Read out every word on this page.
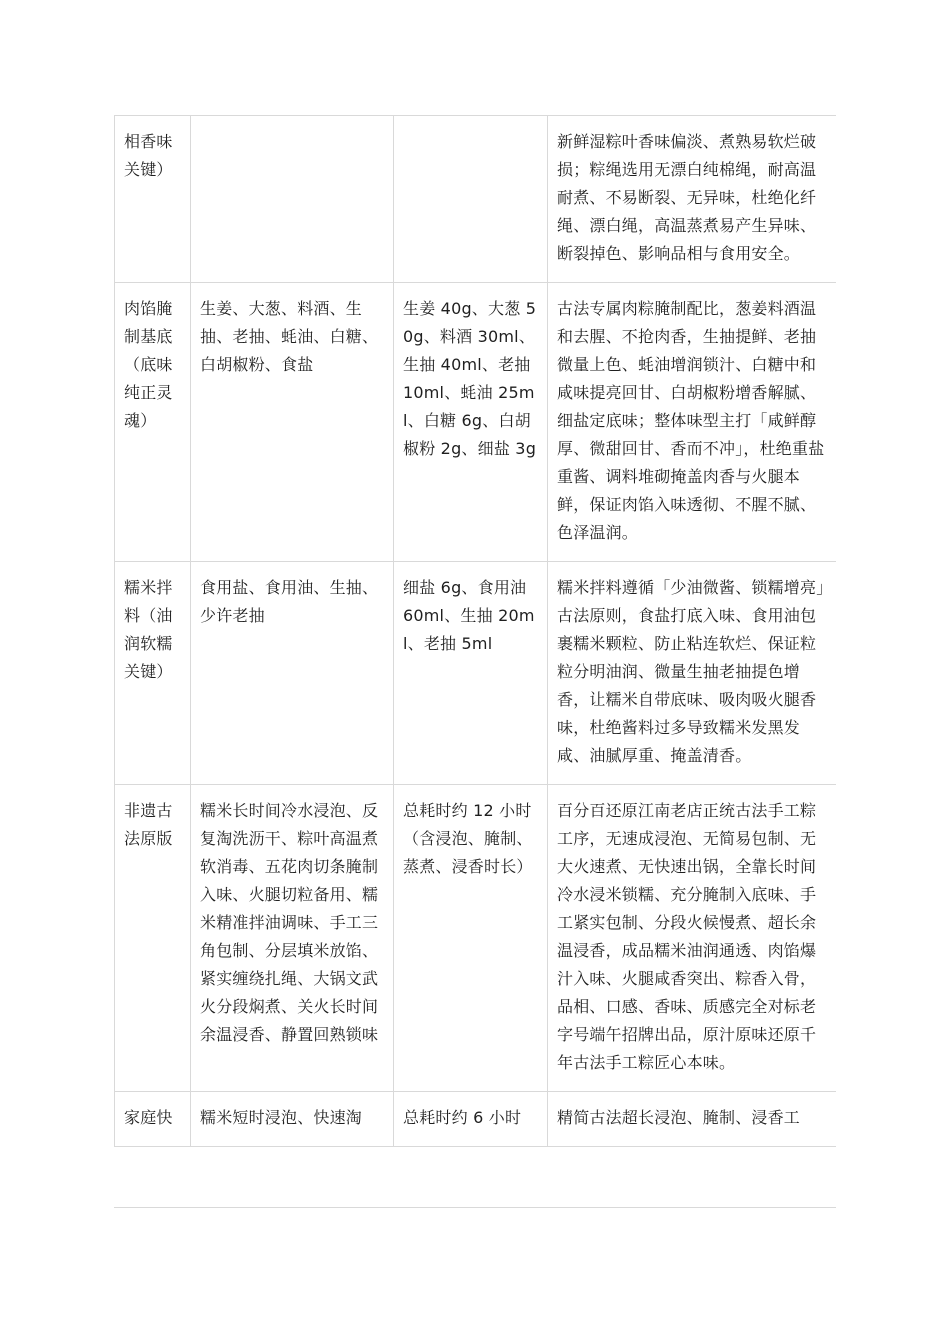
相香味关键）			新鲜湿粽叶香味偏淡、煮熟易软烂破损；粽绳选用无漂白纯棉绳，耐高温耐煮、不易断裂、无异味，杜绝化纤绳、漂白绳，高温蒸煮易产生异味、断裂掉色、影响品相与食用安全。
肉馅腌制基底（底味纯正灵魂）	生姜、大葱、料酒、生抽、老抽、蚝油、白糖、白胡椒粉、食盐	生姜 40g、大葱 50g、料酒 30ml、生抽 40ml、老抽 10ml、蚝油 25ml、白糖 6g、白胡椒粉 2g、细盐 3g	古法专属肉粽腌制配比，葱姜料酒温和去腥、不抢肉香，生抽提鲜、老抽微量上色、蚝油增润锁汁、白糖中和咸味提亮回甘、白胡椒粉增香解腻、细盐定底味；整体味型主打「咸鲜醇厚、微甜回甘、香而不冲」，杜绝重盐重酱、调料堆砌掩盖肉香与火腿本鲜，保证肉馅入味透彻、不腥不腻、色泽温润。
糯米拌料（油润软糯关键）	食用盐、食用油、生抽、少许老抽	细盐 6g、食用油 60ml、生抽 20ml、老抽 5ml	糯米拌料遵循「少油微酱、锁糯增亮」古法原则，食盐打底入味、食用油包裹糯米颗粒、防止粘连软烂、保证粒粒分明油润、微量生抽老抽提色增香，让糯米自带底味、吸肉吸火腿香味，杜绝酱料过多导致糯米发黑发咸、油腻厚重、掩盖清香。
非遗古法原版	糯米长时间冷水浸泡、反复淘洗沥干、粽叶高温煮软消毒、五花肉切条腌制入味、火腿切粒备用、糯米精准拌油调味、手工三角包制、分层填米放馅、紧实缠绕扎绳、大锅文武火分段焖煮、关火长时间余温浸香、静置回熟锁味	总耗时约 12 小时（含浸泡、腌制、蒸煮、浸香时长）	百分百还原江南老店正统古法手工粽工序，无速成浸泡、无简易包制、无大火速煮、无快速出锅，全靠长时间冷水浸米锁糯、充分腌制入底味、手工紧实包制、分段火候慢煮、超长余温浸香，成品糯米油润通透、肉馅爆汁入味、火腿咸香突出、粽香入骨，品相、口感、香味、质感完全对标老字号端午招牌出品，原汁原味还原千年古法手工粽匠心本味。
家庭快	糯米短时浸泡、快速淘	总耗时约 6 小时	精简古法超长浸泡、腌制、浸香工
